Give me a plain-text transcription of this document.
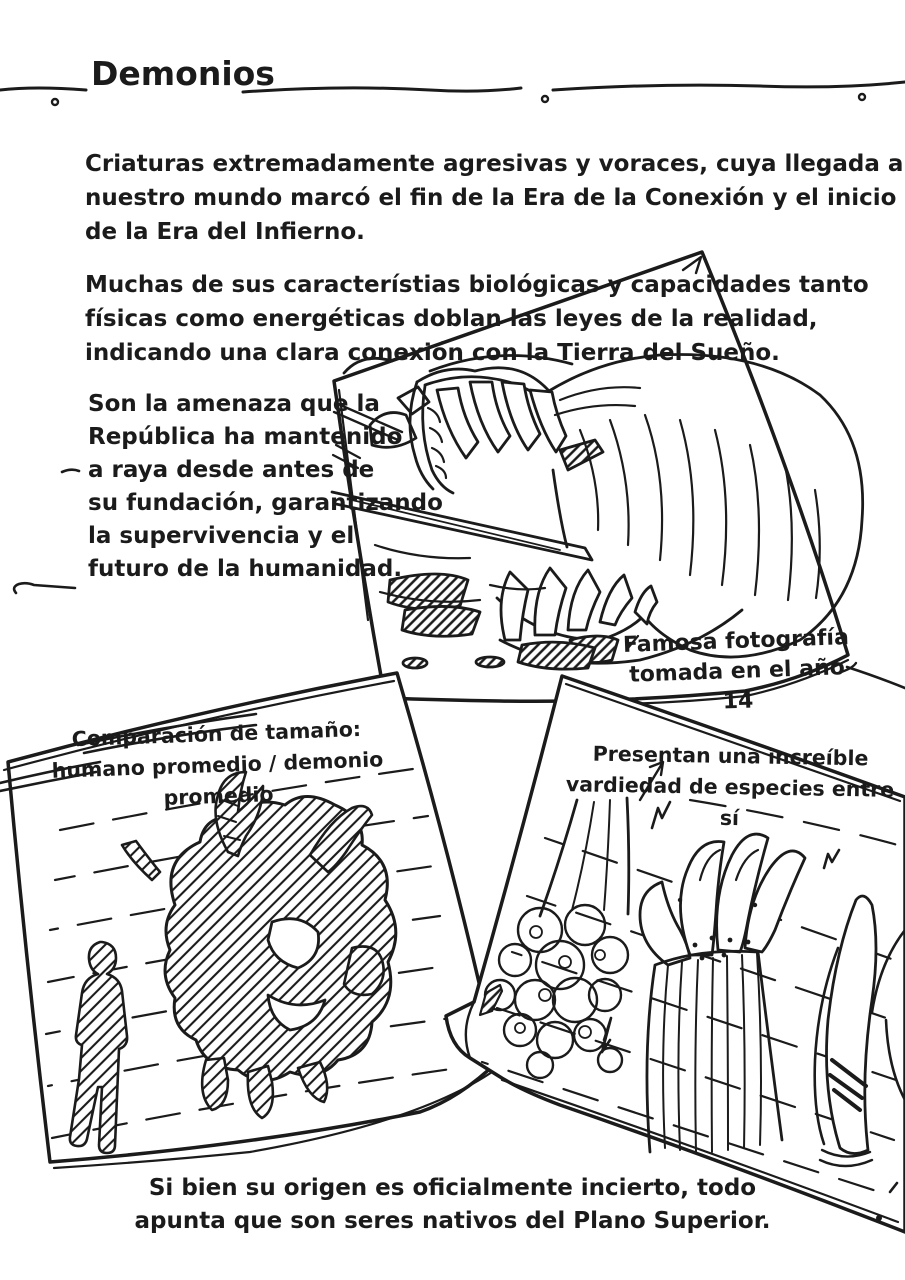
Demonios
Criaturas extremadamente agresivas y voraces, cuya llegada a
nuestro mundo marcó el fin de la Era de la Conexión y el inicio
de la Era del Infierno.
Muchas de sus característias biológicas y capacidades tanto
físicas como energéticas doblan las leyes de la realidad,
indicando una clara conexión con la Tierra del Sueño.
Son la amenaza que la
República ha mantenido
a raya desde antes de
su fundación, garantizando
la supervivencia y el
futuro de la humanidad.
Famosa fotografía
tomada en el año 14
Comparación de tamaño:
humano promedio / demonio promedio
Presentan una increíble
vardiedad de especies entre sí
Si bien su origen es oficialmente incierto, todo
apunta que son seres nativos del Plano Superior.
